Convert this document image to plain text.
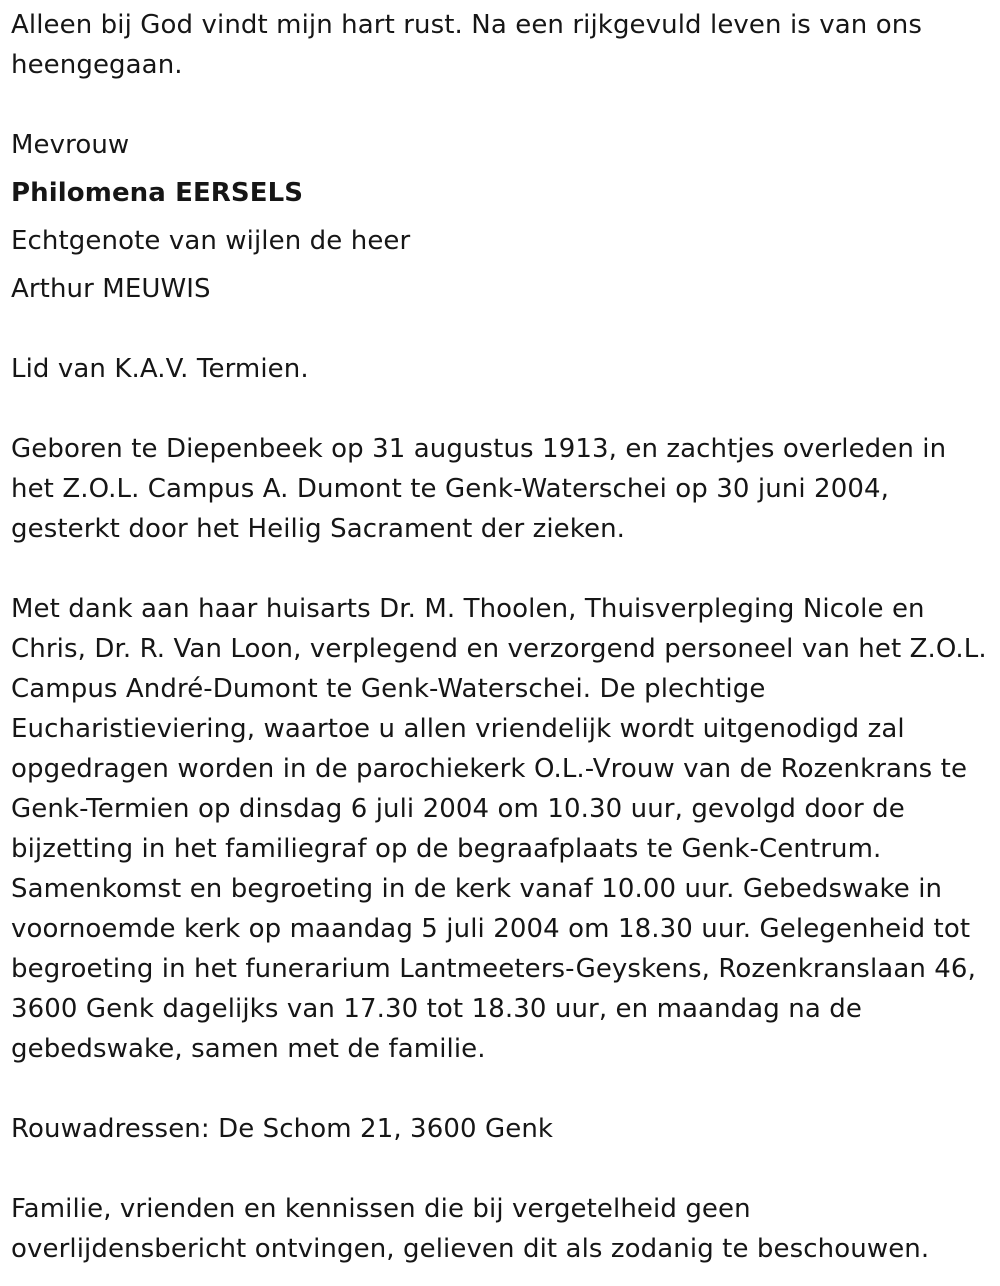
Alleen bij God vindt mijn hart rust. Na een rijkgevuld leven is van ons heengegaan.

Mevrouw

Philomena EERSELS

Echtgenote van wijlen de heer

Arthur MEUWIS

Lid van K.A.V. Termien.

Geboren te Diepenbeek op 31 augustus 1913, en zachtjes overleden in het Z.O.L. Campus A. Dumont te Genk-Waterschei op 30 juni 2004, gesterkt door het Heilig Sacrament der zieken.

Met dank aan haar huisarts Dr. M. Thoolen, Thuisverpleging Nicole en Chris, Dr. R. Van Loon, verplegend en verzorgend personeel van het Z.O.L. Campus André-Dumont te Genk-Waterschei. De plechtige Eucharistieviering, waartoe u allen vriendelijk wordt uitgenodigd zal opgedragen worden in de parochiekerk O.L.-Vrouw van de Rozenkrans te Genk-Termien op dinsdag 6 juli 2004 om 10.30 uur, gevolgd door de bijzetting in het familiegraf op de begraafplaats te Genk-Centrum. Samenkomst en begroeting in de kerk vanaf 10.00 uur. Gebedswake in voornoemde kerk op maandag 5 juli 2004 om 18.30 uur. Gelegenheid tot begroeting in het funerarium Lantmeeters-Geyskens, Rozenkranslaan 46, 3600 Genk dagelijks van 17.30 tot 18.30 uur, en maandag na de gebedswake, samen met de familie.

Rouwadressen: De Schom 21, 3600 Genk

Familie, vrienden en kennissen die bij vergetelheid geen overlijdensbericht ontvingen, gelieven dit als zodanig te beschouwen.
